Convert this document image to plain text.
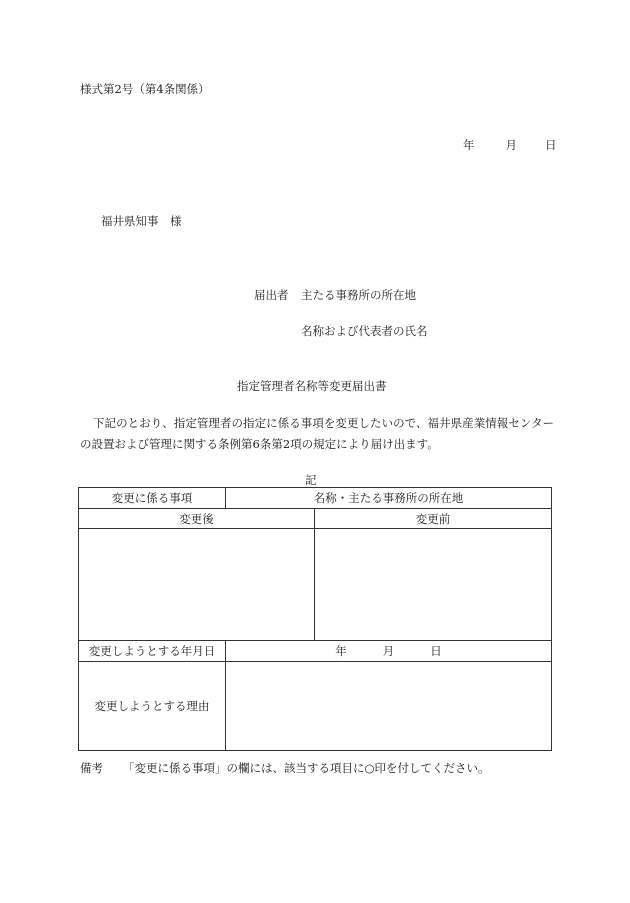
様式第2号（第4条関係）
年	月 日
福井県知事　様
届出者 主たる事務所の所在地
名称および代表者の氏名
指定管理者名称等変更届出書
下記のとおり、指定管理者の指定に係る事項を変更したいので、福井県産業情報センターの設置および管理に関する条例第6条第2項の規定により届け出ます。
記
変更に係る事項	名称・主たる事務所の所在地	
変更後		変更前

変更しようとする年月日	年 月 日	
変更しようとする理由		
備考 「変更に係る事項」の欄には、該当する項目に○印を付してください。
